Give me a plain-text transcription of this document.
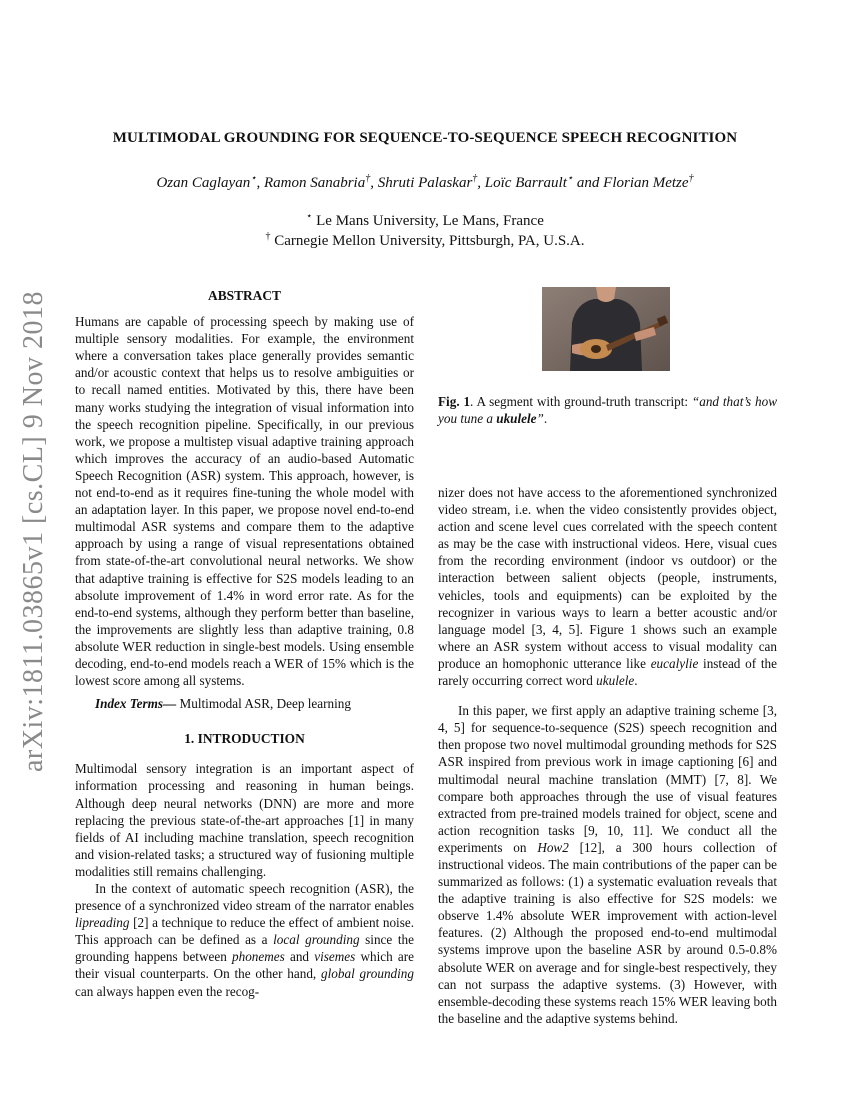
arXiv:1811.03865v1 [cs.CL] 9 Nov 2018
MULTIMODAL GROUNDING FOR SEQUENCE-TO-SEQUENCE SPEECH RECOGNITION
Ozan Caglayan⋆, Ramon Sanabria†, Shruti Palaskar†, Loïc Barrault⋆ and Florian Metze†
⋆ Le Mans University, Le Mans, France
† Carnegie Mellon University, Pittsburgh, PA, U.S.A.
ABSTRACT

Humans are capable of processing speech by making use of multiple sensory modalities. For example, the environment where a conversation takes place generally provides semantic and/or acoustic context that helps us to resolve ambiguities or to recall named entities. Motivated by this, there have been many works studying the integration of visual information into the speech recognition pipeline. Specifically, in our previous work, we propose a multistep visual adaptive training approach which improves the accuracy of an audio-based Automatic Speech Recognition (ASR) system. This approach, however, is not end-to-end as it requires fine-tuning the whole model with an adaptation layer. In this paper, we propose novel end-to-end multimodal ASR systems and compare them to the adaptive approach by using a range of visual representations obtained from state-of-the-art convolutional neural networks. We show that adaptive training is effective for S2S models leading to an absolute improvement of 1.4% in word error rate. As for the end-to-end systems, although they perform better than baseline, the improvements are slightly less than adaptive training, 0.8 absolute WER reduction in single-best models. Using ensemble decoding, end-to-end models reach a WER of 15% which is the lowest score among all systems.

Index Terms— Multimodal ASR, Deep learning

1. INTRODUCTION

Multimodal sensory integration is an important aspect of information processing and reasoning in human beings. Although deep neural networks (DNN) are more and more replacing the previous state-of-the-art approaches [1] in many fields of AI including machine translation, speech recognition and vision-related tasks; a structured way of fusioning multiple modalities still remains challenging.

In the context of automatic speech recognition (ASR), the presence of a synchronized video stream of the narrator enables lipreading [2] a technique to reduce the effect of ambient noise. This approach can be defined as a local grounding since the grounding happens between phonemes and visemes which are their visual counterparts. On the other hand, global grounding can always happen even the recog-

Fig. 1. A segment with ground-truth transcript: “and that’s how you tune a ukulele”.

nizer does not have access to the aforementioned synchronized video stream, i.e. when the video consistently provides object, action and scene level cues correlated with the speech content as may be the case with instructional videos. Here, visual cues from the recording environment (indoor vs outdoor) or the interaction between salient objects (people, instruments, vehicles, tools and equipments) can be exploited by the recognizer in various ways to learn a better acoustic and/or language model [3, 4, 5]. Figure 1 shows such an example where an ASR system without access to visual modality can produce an homophonic utterance like eucalylie instead of the rarely occurring correct word ukulele.

In this paper, we first apply an adaptive training scheme [3, 4, 5] for sequence-to-sequence (S2S) speech recognition and then propose two novel multimodal grounding methods for S2S ASR inspired from previous work in image captioning [6] and multimodal neural machine translation (MMT) [7, 8]. We compare both approaches through the use of visual features extracted from pre-trained models trained for object, scene and action recognition tasks [9, 10, 11]. We conduct all the experiments on How2 [12], a 300 hours collection of instructional videos. The main contributions of the paper can be summarized as follows: (1) a systematic evaluation reveals that the adaptive training is also effective for S2S models: we observe 1.4% absolute WER improvement with action-level features. (2) Although the proposed end-to-end multimodal systems improve upon the baseline ASR by around 0.5-0.8% absolute WER on average and for single-best respectively, they can not surpass the adaptive systems. (3) However, with ensemble-decoding these systems reach 15% WER leaving both the baseline and the adaptive systems behind.
